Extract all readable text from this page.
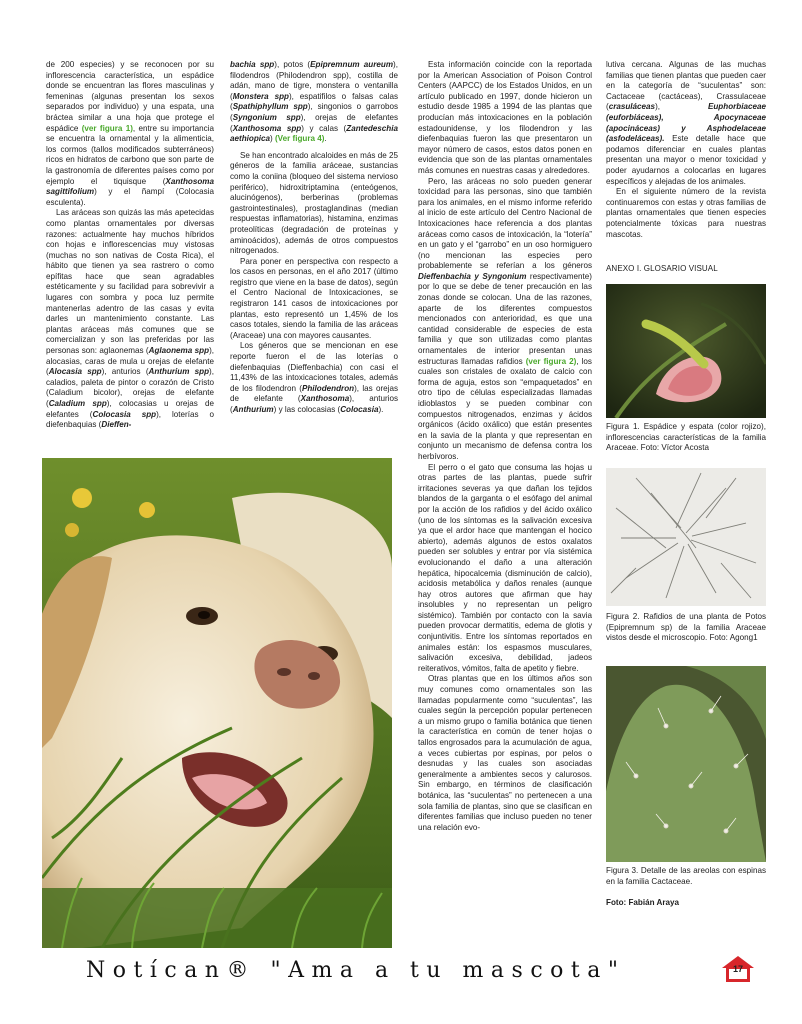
de 200 especies) y se reconocen por su inflorescencia característica, un espádice donde se encuentran las flores masculinas y femeninas (algunas presentan los sexos separados por individuo) y una espata, una bráctea similar a una hoja que protege el espádice (ver figura 1), entre su importancia se encuentra la ornamental y la alimenticia, los cormos (tallos modificados subterráneos) ricos en hidratos de carbono que son parte de la gastronomía de diferentes países como por ejemplo el tiquisque (Xanthosoma sagittifolium) y el ñampí (Colocasia esculenta).

Las aráceas son quizás las más apetecidas como plantas ornamentales por diversas razones: actualmente hay muchos híbridos con hojas e inflorescencias muy vistosas (muchas no son nativas de Costa Rica), el hábito que tienen ya sea rastrero o como epífitas hace que sean agradables estéticamente y su facilidad para sobrevivir a lugares con sombra y poca luz permite mantenerlas adentro de las casas y evita darles un mantenimiento constante. Las plantas aráceas más comunes que se comercializan y son las preferidas por las personas son: aglaonemas (Aglaonema spp), alocasias, caras de mula u orejas de elefante (Alocasia spp), anturios (Anthurium spp), caladios, paleta de pintor o corazón de Cristo (Caladium bicolor), orejas de elefante (Caladium spp), colocasias u orejas de elefantes (Colocasia spp), loterías o diefenbaquias (Dieffen-

bachia spp), potos (Epipremnum aureum), filodendros (Philodendron spp), costilla de adán, mano de tigre, monstera o ventanilla (Monstera spp), espatifilos o falsas calas (Spathiphyllum spp), singonios o garrobos (Syngonium spp), orejas de elefantes (Xanthosoma spp) y calas (Zantedeschia aethiopica) (Ver figura 4).

Se han encontrado alcaloides en más de 25 géneros de la familia aráceae, sustancias como la coniina (bloqueo del sistema nervioso periférico), hidroxitriptamina (enteógenos, alucinógenos), berberinas (problemas gastrointestinales), prostaglandinas (median respuestas inflamatorias), histamina, enzimas proteolíticas (degradación de proteínas y aminoácidos), además de otros compuestos nitrogenados.

Para poner en perspectiva con respecto a los casos en personas, en el año 2017 (último registro que viene en la base de datos), según el Centro Nacional de Intoxicaciones, se registraron 141 casos de intoxicaciones por plantas, esto representó un 1,45% de los casos totales, siendo la familia de las aráceas (Araceae) una con mayores causantes.

Los géneros que se mencionan en ese reporte fueron el de las loterías o diefenbaquias (Dieffenbachia) con casi el 11,43% de las intoxicaciones totales, además de los filodendron (Philodendron), las orejas de elefante (Xanthosoma), anturios (Anthurium) y las colocasias (Colocasia).

Esta información coincide con la reportada por la American Association of Poison Control Centers (AAPCC) de los Estados Unidos, en un artículo publicado en 1997, donde hicieron un estudio desde 1985 a 1994 de las plantas que producían más intoxicaciones en la población estadounidense, y los filodendron y las diefenbaquias fueron las que presentaron un mayor número de casos, estos datos ponen en evidencia que son de las plantas ornamentales más comunes en nuestras casas y alrededores.

Pero, las aráceas no solo pueden generar toxicidad para las personas, sino que también para los animales, en el mismo informe referido al inicio de este artículo del Centro Nacional de Intoxicaciones hace referencia a dos plantas aráceas como casos de intoxicación, la “lotería” en un gato y el “garrobo” en un oso hormiguero (no mencionan las especies pero probablemente se referían a los géneros Dieffenbachia y Syngonium respectivamente) por lo que se debe de tener precaución en las zonas donde se colocan. Una de las razones, aparte de los diferentes compuestos mencionados con anterioridad, es que una cantidad considerable de especies de esta familia y que son utilizadas como plantas ornamentales de interior presentan unas estructuras llamadas rafidios (ver figura 2), los cuales son cristales de oxalato de calcio con forma de aguja, estos son “empaquetados” en otro tipo de células especializadas llamadas idioblastos y se pueden combinar con compuestos nitrogenados, enzimas y ácidos orgánicos (ácido oxálico) que están presentes en la savia de la planta y que representan en conjunto un mecanismo de defensa contra los herbívoros.

El perro o el gato que consuma las hojas u otras partes de las plantas, puede sufrir irritaciones severas ya que dañan los tejidos blandos de la garganta o el esófago del animal por la acción de los rafidios y del ácido oxálico (uno de los síntomas es la salivación excesiva ya que el ardor hace que mantengan el hocico abierto), además algunos de estos oxalatos pueden ser solubles y entrar por vía sistémica evolucionando el daño a una alteración hepática, hipocalcemia (disminución de calcio), acidosis metabólica y daños renales (aunque hay otros autores que afirman que hay insolubles y no representan un peligro sistémico). También por contacto con la savia pueden provocar dermatitis, edema de glotis y conjuntivitis. Entre los síntomas reportados en animales están: los espasmos musculares, salivación excesiva, debilidad, jadeos reiterativos, vómitos, falta de apetito y fiebre.

Otras plantas que en los últimos años son muy comunes como ornamentales son las llamadas popularmente como “suculentas”, las cuales según la percepción popular pertenecen a un mismo grupo o familia botánica que tienen la característica en común de tener hojas o tallos engrosados para la acumulación de agua, a veces cubiertas por espinas, por pelos o desnudas y las cuales son asociadas generalmente a ambientes secos y calurosos. Sin embargo, en términos de clasificación botánica, las “suculentas” no pertenecen a una sola familia de plantas, sino que se clasifican en diferentes familias que incluso pueden no tener una relación evo-

lutiva cercana. Algunas de las muchas familias que tienen plantas que pueden caer en la categoría de “suculentas” son: Cactaceae (cactáceas), Crassulaceae (crasuláceas), Euphorbiaceae (euforbiáceas), Apocynaceae (apocináceas) y Asphodelaceae (asfodeláceas). Este detalle hace que podamos diferenciar en cuales plantas presentan una mayor o menor toxicidad y poder ayudarnos a colocarlas en lugares específicos y alejadas de los animales.

En el siguiente número de la revista continuaremos con estas y otras familias de plantas ornamentales que tienen especies potencialmente tóxicas para nuestras mascotas.

ANEXO I. GLOSARIO VISUAL
Figura 1. Espádice y espata (color rojizo), inflorescencias características de la familia Araceae. Foto: Víctor Acosta
Figura 2. Rafidios de una planta de Potos (Epipremnum sp) de la familia Araceae vistos desde el microscopio. Foto: Agong1
Figura 3. Detalle de las areolas con espinas en la familia Cactaceae.
Foto: Fabián Araya
Notícan® "Ama a tu mascota"	17
